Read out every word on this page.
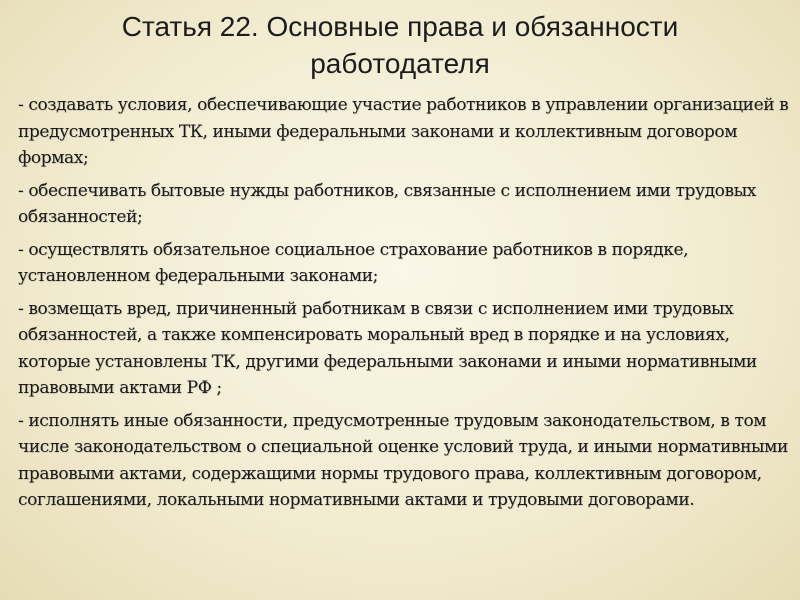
Статья 22. Основные права и обязанности работодателя
- создавать условия, обеспечивающие участие работников в управлении организацией в предусмотренных ТК, иными федеральными законами и коллективным договором формах;
- обеспечивать бытовые нужды работников, связанные с исполнением ими трудовых обязанностей;
- осуществлять обязательное социальное страхование работников в порядке, установленном федеральными законами;
- возмещать вред, причиненный работникам в связи с исполнением ими трудовых обязанностей, а также компенсировать моральный вред в порядке и на условиях, которые установлены ТК, другими федеральными законами и иными нормативными правовыми актами РФ ;
- исполнять иные обязанности, предусмотренные трудовым законодательством, в том числе законодательством о специальной оценке условий труда, и иными нормативными правовыми актами, содержащими нормы трудового права, коллективным договором, соглашениями, локальными нормативными актами и трудовыми договорами.
